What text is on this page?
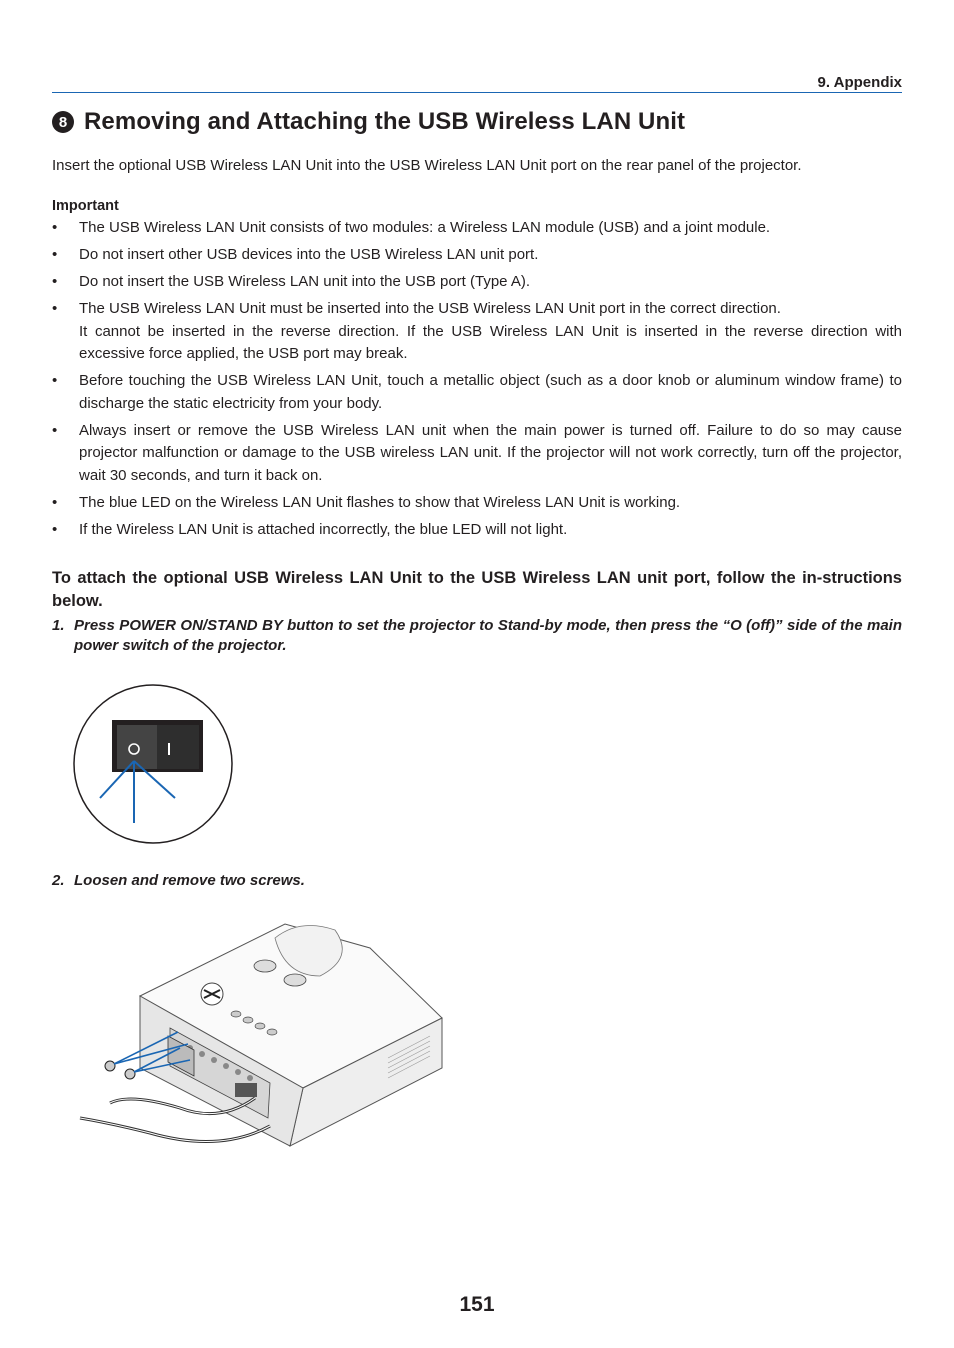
9. Appendix
8 Removing and Attaching the USB Wireless LAN Unit
Insert the optional USB Wireless LAN Unit into the USB Wireless LAN Unit port on the rear panel of the projector.
Important
• The USB Wireless LAN Unit consists of two modules: a Wireless LAN module (USB) and a joint module.
• Do not insert other USB devices into the USB Wireless LAN unit port.
• Do not insert the USB Wireless LAN unit into the USB port (Type A).
• The USB Wireless LAN Unit must be inserted into the USB Wireless LAN Unit port in the correct direction.
It cannot be inserted in the reverse direction. If the USB Wireless LAN Unit is inserted in the reverse direction with excessive force applied, the USB port may break.
• Before touching the USB Wireless LAN Unit, touch a metallic object (such as a door knob or aluminum window frame) to discharge the static electricity from your body.
• Always insert or remove the USB Wireless LAN unit when the main power is turned off. Failure to do so may cause projector malfunction or damage to the USB wireless LAN unit. If the projector will not work correctly, turn off the projector, wait 30 seconds, and turn it back on.
• The blue LED on the Wireless LAN Unit flashes to show that Wireless LAN Unit is working.
• If the Wireless LAN Unit is attached incorrectly, the blue LED will not light.
To attach the optional USB Wireless LAN Unit to the USB Wireless LAN unit port, follow the in-structions below.
1. Press POWER ON/STAND BY button to set the projector to Stand-by mode, then press the “O (off)” side of the main power switch of the projector.
2. Loosen and remove two screws.
151
